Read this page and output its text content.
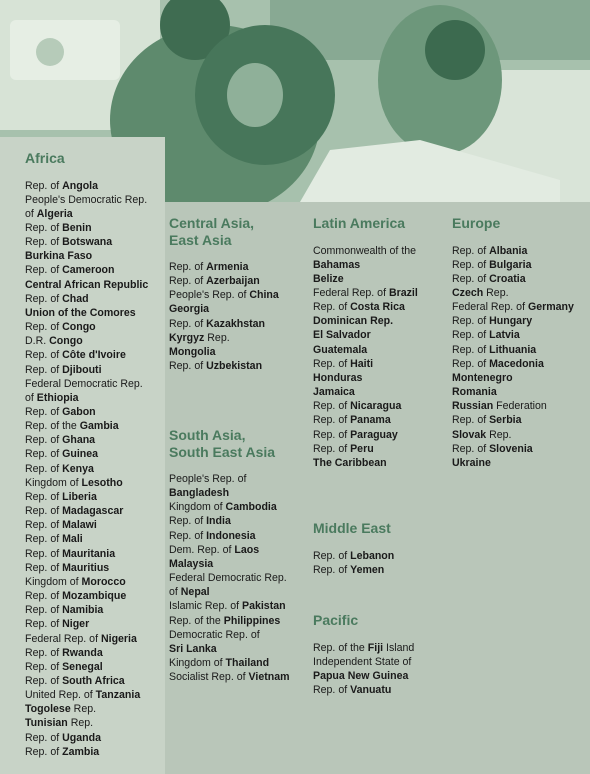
Africa
Rep. of Angola
People's Democratic Rep.
of Algeria
Rep. of Benin
Rep. of Botswana
Burkina Faso
Rep. of Cameroon
Central African Republic
Rep. of Chad
Union of the Comores
Rep. of Congo
D.R. Congo
Rep. of Côte d'Ivoire
Rep. of Djibouti
Federal Democratic Rep.
of Ethiopia
Rep. of Gabon
Rep. of the Gambia
Rep. of Ghana
Rep. of Guinea
Rep. of Kenya
Kingdom of Lesotho
Rep. of Liberia
Rep. of Madagascar
Rep. of Malawi
Rep. of Mali
Rep. of Mauritania
Rep. of Mauritius
Kingdom of Morocco
Rep. of Mozambique
Rep. of Namibia
Rep. of Niger
Federal Rep. of Nigeria
Rep. of Rwanda
Rep. of Senegal
Rep. of South Africa
United Rep. of Tanzania
Togolese Rep.
Tunisian Rep.
Rep. of Uganda
Rep. of Zambia
Central Asia,
East Asia
Rep. of Armenia
Rep. of Azerbaijan
People's Rep. of China
Georgia
Rep. of Kazakhstan
Kyrgyz Rep.
Mongolia
Rep. of Uzbekistan
South Asia,
South East Asia
People's Rep. of
Bangladesh
Kingdom of Cambodia
Rep. of India
Rep. of Indonesia
Dem. Rep. of Laos
Malaysia
Federal Democratic Rep.
of Nepal
Islamic Rep. of Pakistan
Rep. of the Philippines
Democratic Rep. of
Sri Lanka
Kingdom of Thailand
Socialist Rep. of Vietnam
Latin America
Commonwealth of the
Bahamas
Belize
Federal Rep. of Brazil
Rep. of Costa Rica
Dominican Rep.
El Salvador
Guatemala
Rep. of Haiti
Honduras
Jamaica
Rep. of Nicaragua
Rep. of Panama
Rep. of Paraguay
Rep. of Peru
The Caribbean
Middle East
Rep. of Lebanon
Rep. of Yemen
Pacific
Rep. of the Fiji Island
Independent State of
Papua New Guinea
Rep. of Vanuatu
Europe
Rep. of Albania
Rep. of Bulgaria
Rep. of Croatia
Czech Rep.
Federal Rep. of Germany
Rep. of Hungary
Rep. of Latvia
Rep. of Lithuania
Rep. of Macedonia
Montenegro
Romania
Russian Federation
Rep. of Serbia
Slovak Rep.
Rep. of Slovenia
Ukraine
